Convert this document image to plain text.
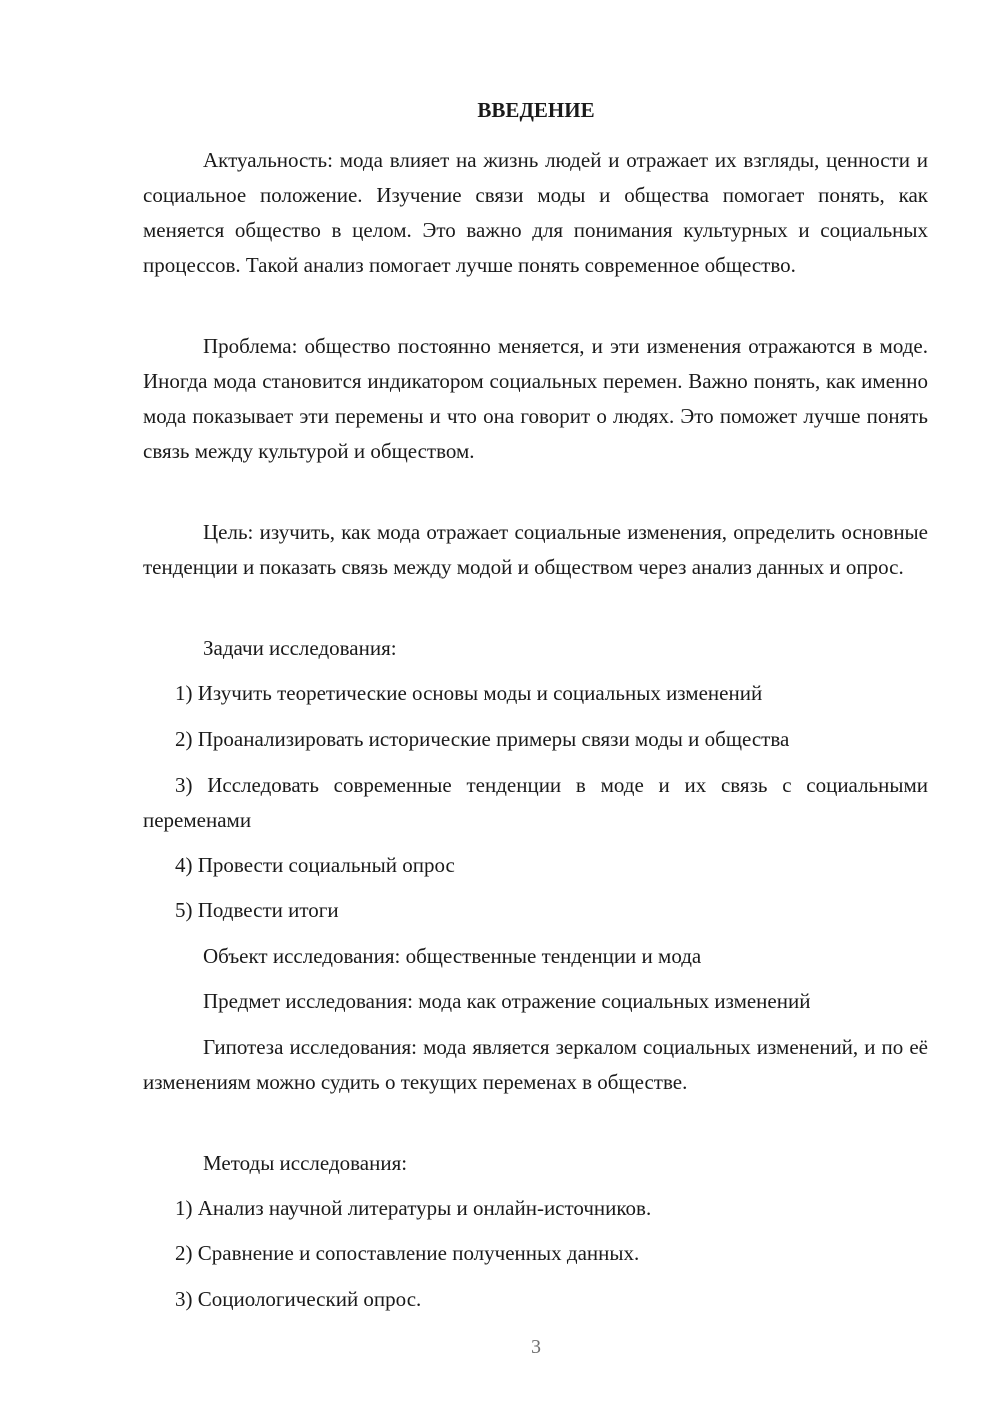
ВВЕДЕНИЕ

Актуальность: мода влияет на жизнь людей и отражает их взгляды, ценности и социальное положение. Изучение связи моды и общества помогает понять, как меняется общество в целом. Это важно для понимания культурных и социальных процессов. Такой анализ помогает лучше понять современное общество.

Проблема: общество постоянно меняется, и эти изменения отражаются в моде. Иногда мода становится индикатором социальных перемен. Важно понять, как именно мода показывает эти перемены и что она говорит о людях. Это поможет лучше понять связь между культурой и обществом.

Цель: изучить, как мода отражает социальные изменения, определить основные тенденции и показать связь между модой и обществом через анализ данных и опрос.

Задачи исследования:

1) Изучить теоретические основы моды и социальных изменений

2) Проанализировать исторические примеры связи моды и общества

3) Исследовать современные тенденции в моде и их связь с социальными переменами

4) Провести социальный опрос

5) Подвести итоги

Объект исследования: общественные тенденции и мода

Предмет исследования: мода как отражение социальных изменений

Гипотеза исследования: мода является зеркалом социальных изменений, и по её изменениям можно судить о текущих переменах в обществе.

Методы исследования:

1) Анализ научной литературы и онлайн-источников.

2) Сравнение и сопоставление полученных данных.

3) Социологический опрос.

3
